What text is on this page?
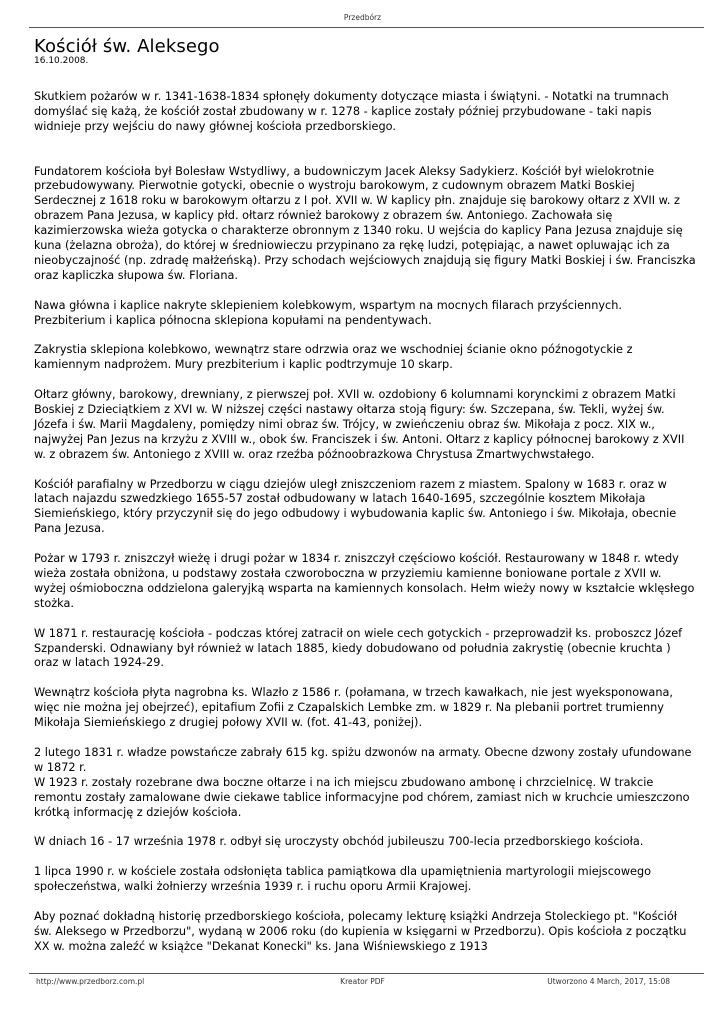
Przedbórz
Kościół św. Aleksego
16.10.2008.

Skutkiem pożarów w r. 1341-1638-1834 spłonęły dokumenty dotyczące miasta i świątyni. - Notatki na trumnach domyślać się każą, że kościół został zbudowany w r. 1278 - kaplice zostały później przybudowane - taki napis widnieje przy wejściu do nawy głównej kościoła przedborskiego.

Fundatorem kościoła był Bolesław Wstydliwy, a budowniczym Jacek Aleksy Sadykierz. Kościół był wielokrotnie przebudowywany. Pierwotnie gotycki, obecnie o wystroju barokowym, z cudownym obrazem Matki Boskiej Serdecznej z 1618 roku w barokowym ołtarzu z I poł. XVII w. W kaplicy płn. znajduje się barokowy ołtarz z XVII w. z obrazem Pana Jezusa, w kaplicy płd. ołtarz również barokowy z obrazem św. Antoniego. Zachowała się kazimierzowska wieża gotycka o charakterze obronnym z 1340 roku. U wejścia do kaplicy Pana Jezusa znajduje się kuna (żelazna obroża), do której w średniowieczu przypinano za rękę ludzi, potępiając, a nawet opluwając ich za nieobyczajność (np. zdradę małżeńską). Przy schodach wejściowych znajdują się figury Matki Boskiej i św. Franciszka oraz kapliczka słupowa św. Floriana.

Nawa główna i kaplice nakryte sklepieniem kolebkowym, wspartym na mocnych filarach przyściennych. Prezbiterium i kaplica północna sklepiona kopułami na pendentywach.

Zakrystia sklepiona kolebkowo, wewnątrz stare odrzwia oraz we wschodniej ścianie okno późnogotyckie z kamiennym nadprożem. Mury prezbiterium i kaplic podtrzymuje 10 skarp.

Ołtarz główny, barokowy, drewniany, z pierwszej poł. XVII w. ozdobiony 6 kolumnami korynckimi z obrazem Matki Boskiej z Dzieciątkiem z XVI w. W niższej części nastawy ołtarza stoją figury: św. Szczepana, św. Tekli, wyżej św. Józefa i św. Marii Magdaleny, pomiędzy nimi obraz św. Trójcy, w zwieńczeniu obraz św. Mikołaja z pocz. XIX w., najwyżej Pan Jezus na krzyżu z XVIII w., obok św. Franciszek i św. Antoni. Ołtarz z kaplicy północnej barokowy z XVII w. z obrazem św. Antoniego z XVIII w. oraz rzeźba późnoobrazkowa Chrystusa Zmartwychwstałego.

Kościół parafialny w Przedborzu w ciągu dziejów uległ zniszczeniom razem z miastem. Spalony w 1683 r. oraz w latach najazdu szwedzkiego 1655-57 został odbudowany w latach 1640-1695, szczególnie kosztem Mikołaja Siemieńskiego, który przyczynił się do jego odbudowy i wybudowania kaplic św. Antoniego i św. Mikołaja, obecnie Pana Jezusa.

Pożar w 1793 r. zniszczył wieżę i drugi pożar w 1834 r. zniszczył częściowo kościół. Restaurowany w 1848 r. wtedy wieża została obniżona, u podstawy została czworoboczna w przyziemiu kamienne boniowane portale z XVII w. wyżej ośmioboczna oddzielona galeryjką wsparta na kamiennych konsolach. Hełm wieży nowy w kształcie wklęsłego stożka.

W 1871 r. restaurację kościoła - podczas której zatracił on wiele cech gotyckich - przeprowadził ks. proboszcz Józef Szpanderski. Odnawiany był również w latach 1885, kiedy dobudowano od południa zakrystię (obecnie kruchta ) oraz w latach 1924-29.

Wewnątrz kościoła płyta nagrobna ks. Wlazło z 1586 r. (połamana, w trzech kawałkach, nie jest wyeksponowana, więc nie można jej obejrzeć), epitafium Zofii z Czapalskich Lembke zm. w 1829 r. Na plebanii portret trumienny Mikołaja Siemieńskiego z drugiej połowy XVII w. (fot. 41-43, poniżej).

2 lutego 1831 r. władze powstańcze zabrały 615 kg. spiżu dzwonów na armaty. Obecne dzwony zostały ufundowane w 1872 r.
W 1923 r. zostały rozebrane dwa boczne ołtarze i na ich miejscu zbudowano ambonę i chrzcielnicę. W trakcie remontu zostały zamalowane dwie ciekawe tablice informacyjne pod chórem, zamiast nich w kruchcie umieszczono krótką informację z dziejów kościoła.

W dniach 16 - 17 września 1978 r. odbył się uroczysty obchód jubileuszu 700-lecia przedborskiego kościoła.

1 lipca 1990 r. w kościele została odsłonięta tablica pamiątkowa dla upamiętnienia martyrologii miejscowego społeczeństwa, walki żołnierzy września 1939 r. i ruchu oporu Armii Krajowej.

Aby poznać dokładną historię przedborskiego kościoła, polecamy lekturę książki Andrzeja Stoleckiego pt. "Kościół św. Aleksego w Przedborzu", wydaną w 2006 roku (do kupienia w księgarni w Przedborzu). Opis kościoła z początku XX w. można zaleźć w książce "Dekanat Konecki" ks. Jana Wiśniewskiego z 1913

http://www.przedborz.com.pl	Kreator PDF	Utworzono 4 March, 2017, 15:08
